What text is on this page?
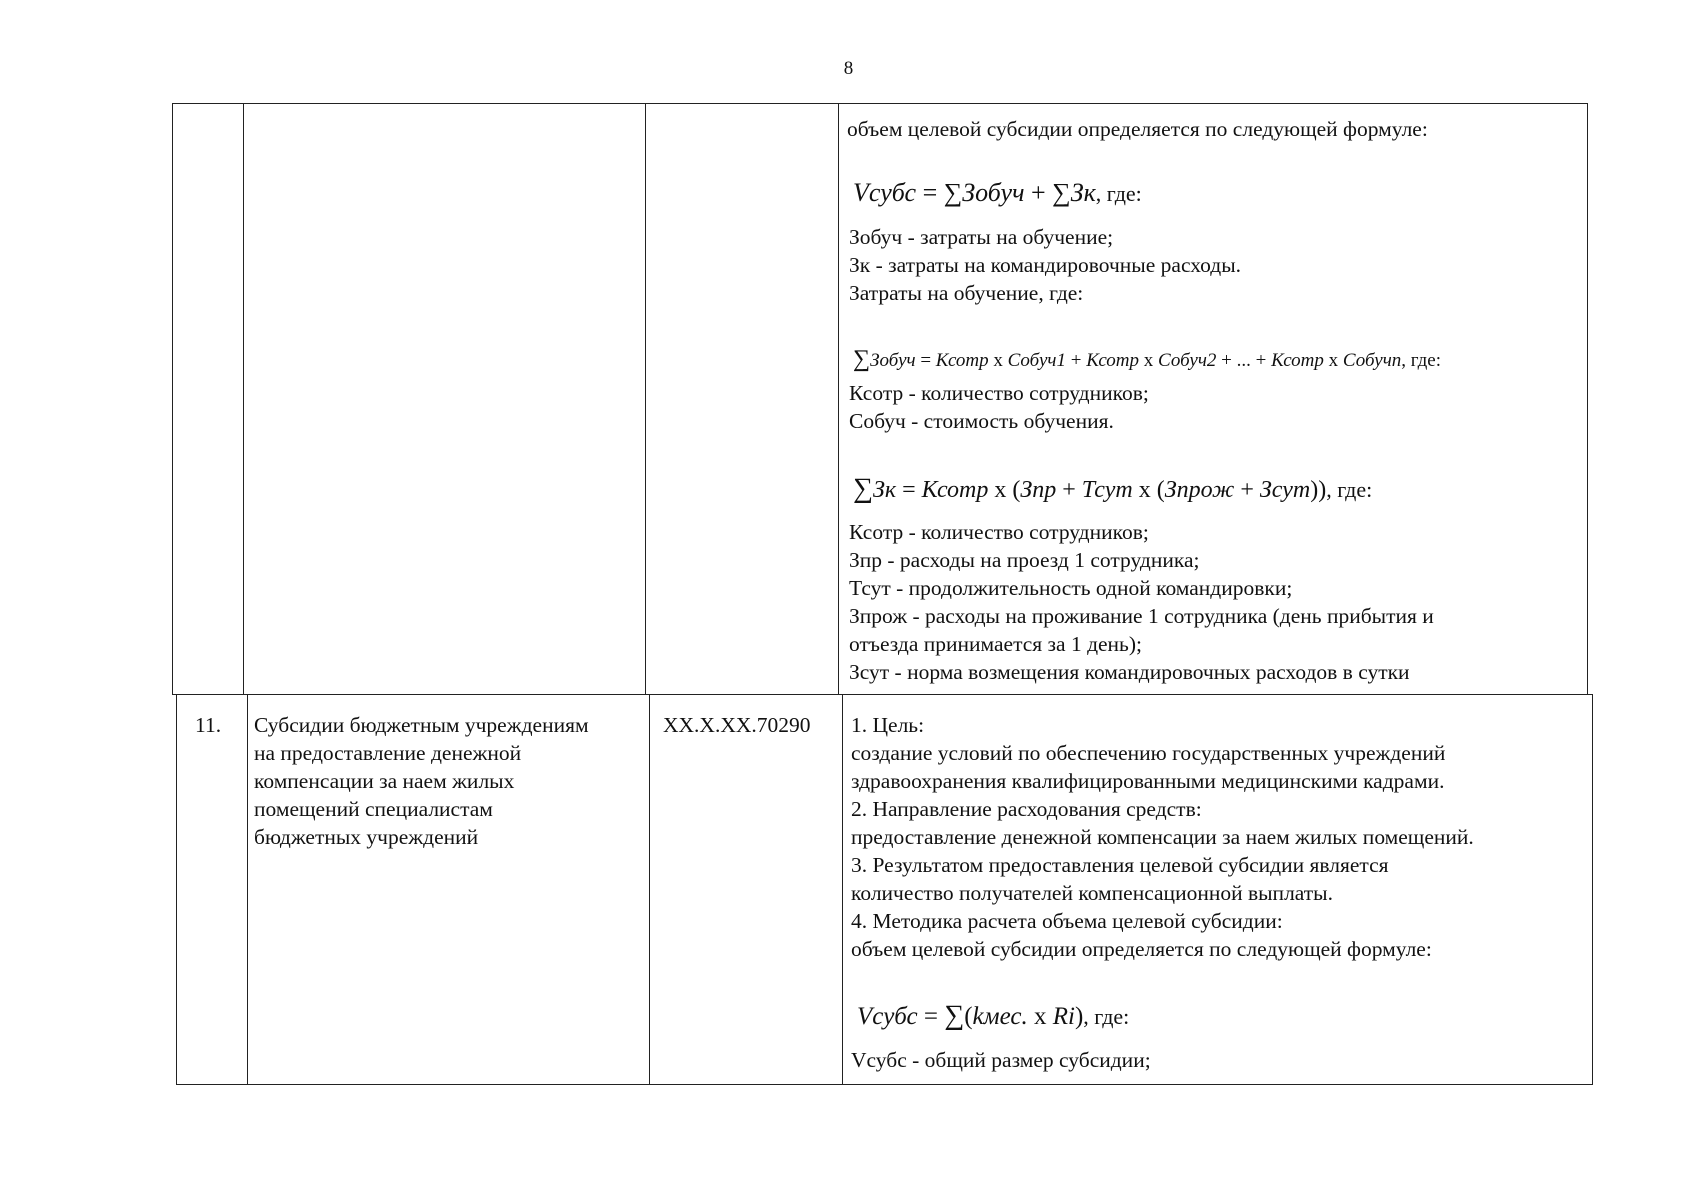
8
объем целевой субсидии определяется по следующей формуле:
Vсубс = ∑Зобуч + ∑Зк, где:
Зобуч - затраты на обучение;
Зк - затраты на командировочные расходы.
Затраты на обучение, где:
∑Зобуч = Ксотр х Собуч1 + Ксотр х Собуч2 + ... + Ксотр х Собучn, где:
Ксотр - количество сотрудников;
Собуч - стоимость обучения.
∑Зк = Ксотр х (Зпр + Тсут х (Зпрож + Зсут)), где:
Ксотр - количество сотрудников;
Зпр - расходы на проезд 1 сотрудника;
Тсут - продолжительность одной командировки;
Зпрож - расходы на проживание 1 сотрудника (день прибытия и
отъезда принимается за 1 день);
Зсут - норма возмещения командировочных расходов в сутки
11. Субсидии бюджетным учреждениям
на предоставление денежной
компенсации за наем жилых
помещений специалистам
бюджетных учреждений
XX.X.XX.70290 1. Цель:
создание условий по обеспечению государственных учреждений
здравоохранения квалифицированными медицинскими кадрами.
2. Направление расходования средств:
предоставление денежной компенсации за наем жилых помещений.
3. Результатом предоставления целевой субсидии является
количество получателей компенсационной выплаты.
4. Методика расчета объема целевой субсидии:
объем целевой субсидии определяется по следующей формуле:
Vсубс = ∑(kмес. х Ri), где:
Vсубс - общий размер субсидии;
